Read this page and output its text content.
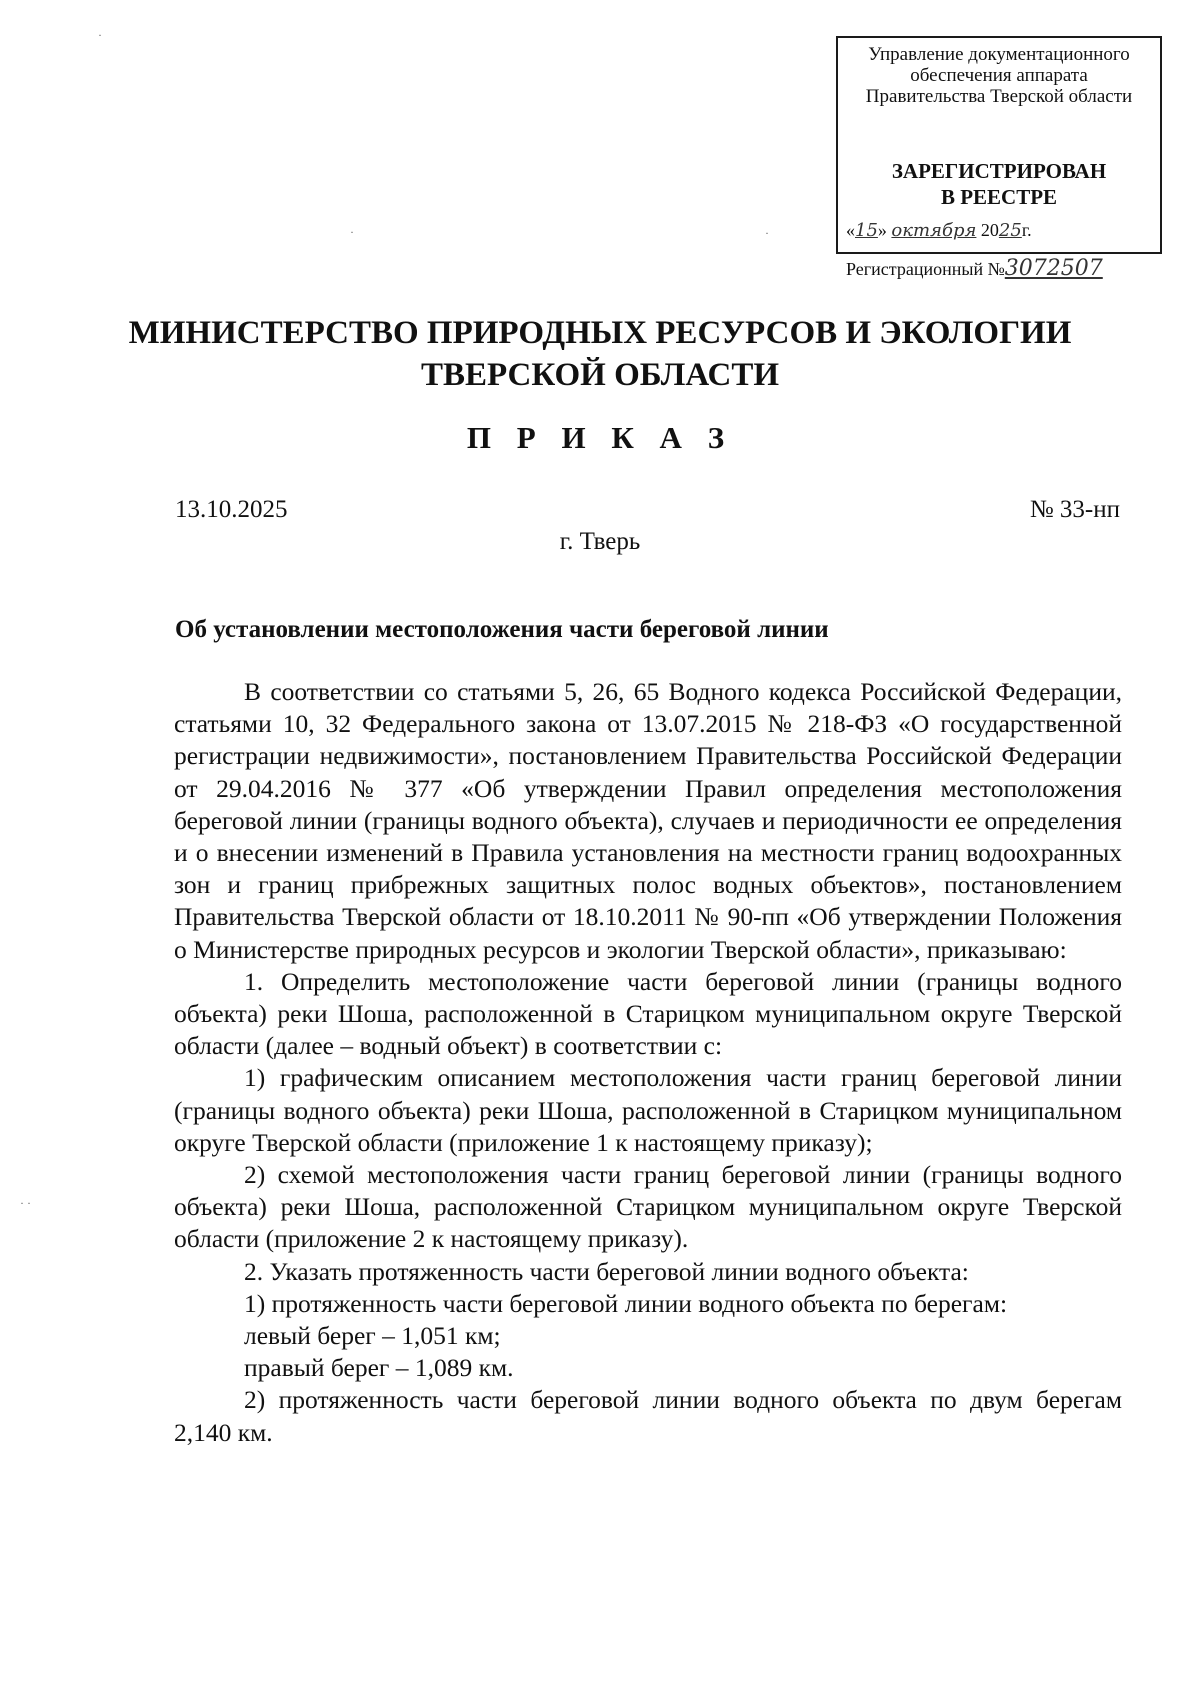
Управление документационного
обеспечения аппарата
Правительства Тверской области
ЗАРЕГИСТРИРОВАН
В РЕЕСТРЕ
«15» октября 2025г.
Регистрационный №3072507
МИНИСТЕРСТВО ПРИРОДНЫХ РЕСУРСОВ И ЭКОЛОГИИ
ТВЕРСКОЙ ОБЛАСТИ
П Р И К А З
13.10.2025	№ 33-нп
г. Тверь
Об установлении местоположения части береговой линии

В соответствии со статьями 5, 26, 65 Водного кодекса Российской Федерации, статьями 10, 32 Федерального закона от 13.07.2015 № 218-ФЗ «О государственной регистрации недвижимости», постановлением Правительства Российской Федерации от 29.04.2016 № 377 «Об утверждении Правил определения местоположения береговой линии (границы водного объекта), случаев и периодичности ее определения и о внесении изменений в Правила установления на местности границ водоохранных зон и границ прибрежных защитных полос водных объектов», постановлением Правительства Тверской области от 18.10.2011 № 90-пп «Об утверждении Положения о Министерстве природных ресурсов и экологии Тверской области», приказываю:

1. Определить местоположение части береговой линии (границы водного объекта) реки Шоша, расположенной в Старицком муниципальном округе Тверской области (далее – водный объект) в соответствии с:

1) графическим описанием местоположения части границ береговой линии (границы водного объекта) реки Шоша, расположенной в Старицком муниципальном округе Тверской области (приложение 1 к настоящему приказу);

2) схемой местоположения части границ береговой линии (границы водного объекта) реки Шоша, расположенной Старицком муниципальном округе Тверской области (приложение 2 к настоящему приказу).

2. Указать протяженность части береговой линии водного объекта:

1) протяженность части береговой линии водного объекта по берегам:

левый берег – 1,051 км;

правый берег – 1,089 км.

2) протяженность части береговой линии водного объекта по двум берегам 2,140 км.

·
· ·
·	·
